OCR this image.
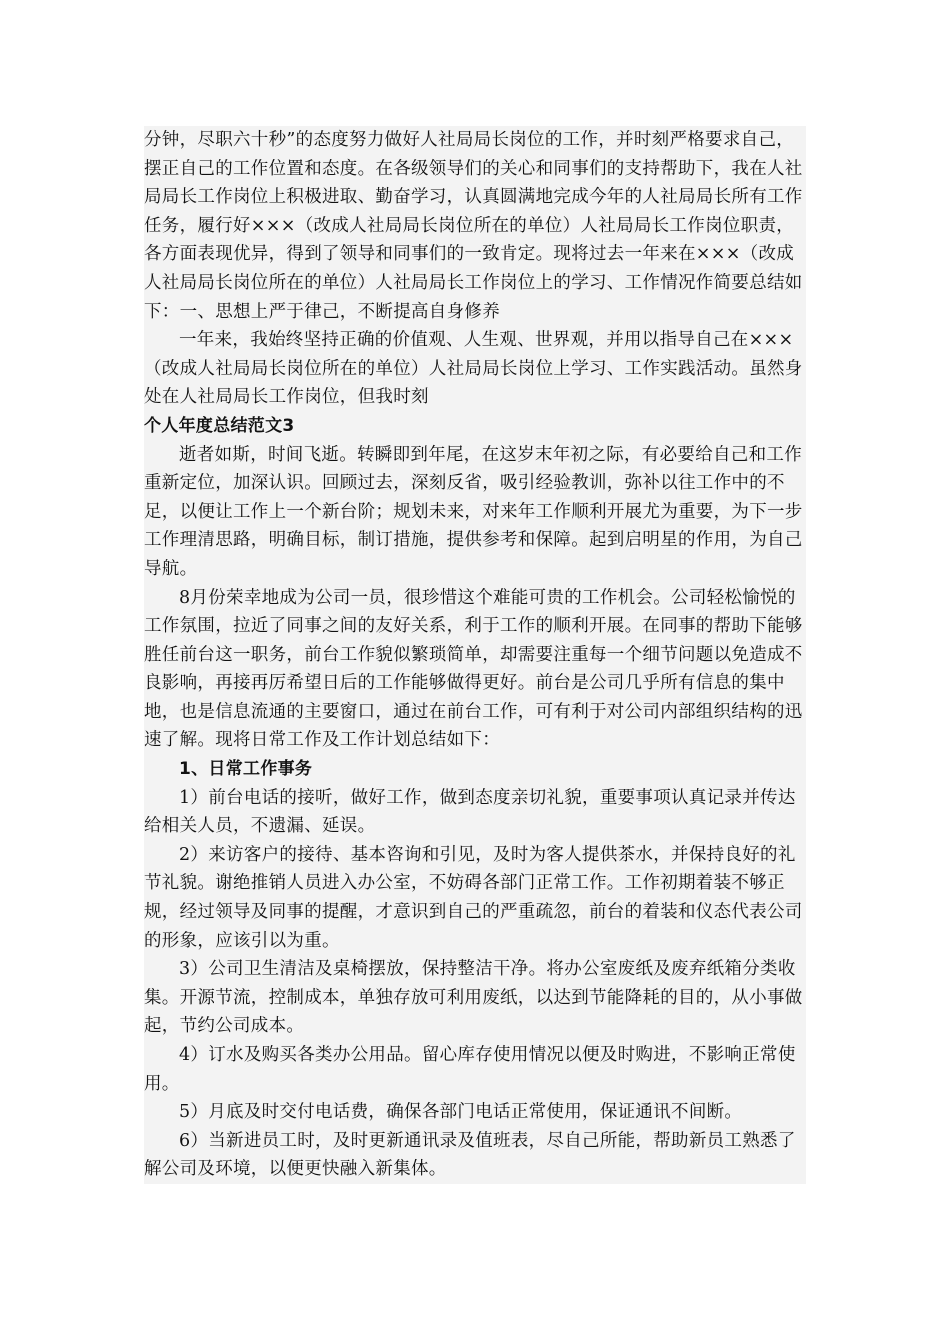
分钟，尽职六十秒”的态度努力做好人社局局长岗位的工作，并时刻严格要求自己，摆正自己的工作位置和态度。在各级领导们的关心和同事们的支持帮助下，我在人社局局长工作岗位上积极进取、勤奋学习，认真圆满地完成今年的人社局局长所有工作任务，履行好×××（改成人社局局长岗位所在的单位）人社局局长工作岗位职责，各方面表现优异，得到了领导和同事们的一致肯定。现将过去一年来在×××（改成人社局局长岗位所在的单位）人社局局长工作岗位上的学习、工作情况作简要总结如下：一、思想上严于律己，不断提高自身修养

一年来，我始终坚持正确的价值观、人生观、世界观，并用以指导自己在×××（改成人社局局长岗位所在的单位）人社局局长岗位上学习、工作实践活动。虽然身处在人社局局长工作岗位，但我时刻

个人年度总结范文3

逝者如斯，时间飞逝。转瞬即到年尾，在这岁末年初之际，有必要给自己和工作重新定位，加深认识。回顾过去，深刻反省，吸引经验教训，弥补以往工作中的不足，以便让工作上一个新台阶；规划未来，对来年工作顺利开展尤为重要，为下一步工作理清思路，明确目标，制订措施，提供参考和保障。起到启明星的作用，为自己导航。

8月份荣幸地成为公司一员，很珍惜这个难能可贵的工作机会。公司轻松愉悦的工作氛围，拉近了同事之间的友好关系，利于工作的顺利开展。在同事的帮助下能够胜任前台这一职务，前台工作貌似繁琐简单，却需要注重每一个细节问题以免造成不良影响，再接再厉希望日后的工作能够做得更好。前台是公司几乎所有信息的集中地，也是信息流通的主要窗口，通过在前台工作，可有利于对公司内部组织结构的迅速了解。现将日常工作及工作计划总结如下：

1、日常工作事务

1）前台电话的接听，做好工作，做到态度亲切礼貌，重要事项认真记录并传达给相关人员，不遗漏、延误。

2）来访客户的接待、基本咨询和引见，及时为客人提供茶水，并保持良好的礼节礼貌。谢绝推销人员进入办公室，不妨碍各部门正常工作。工作初期着装不够正规，经过领导及同事的提醒，才意识到自己的严重疏忽，前台的着装和仪态代表公司的形象，应该引以为重。

3）公司卫生清洁及桌椅摆放，保持整洁干净。将办公室废纸及废弃纸箱分类收集。开源节流，控制成本，单独存放可利用废纸，以达到节能降耗的目的，从小事做起，节约公司成本。

4）订水及购买各类办公用品。留心库存使用情况以便及时购进，不影响正常使用。

5）月底及时交付电话费，确保各部门电话正常使用，保证通讯不间断。

6）当新进员工时，及时更新通讯录及值班表，尽自己所能，帮助新员工熟悉了解公司及环境，以便更快融入新集体。
